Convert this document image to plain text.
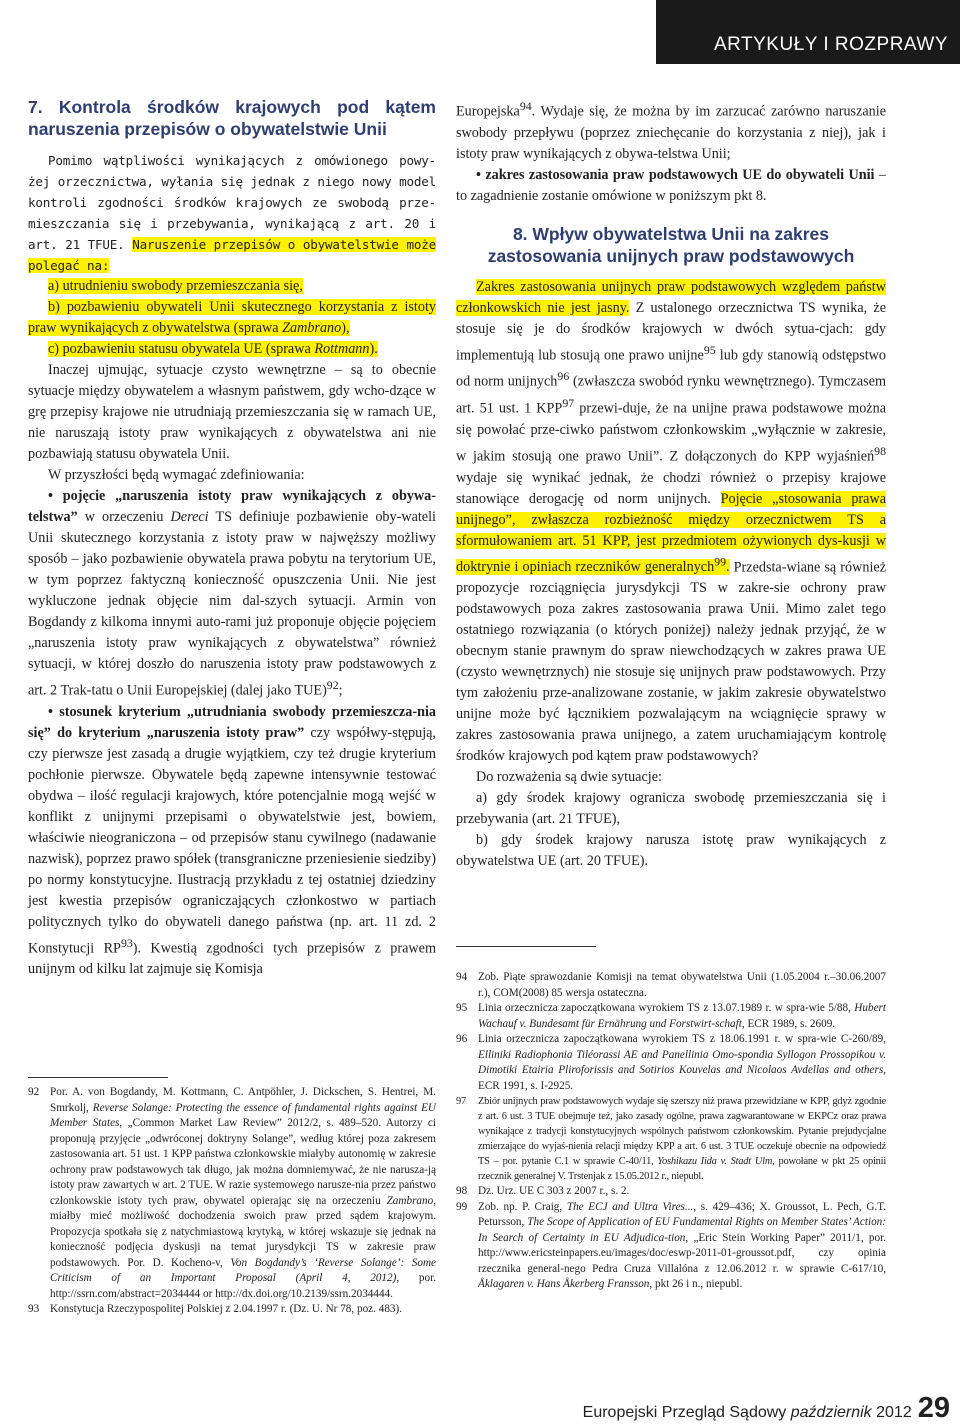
ARTYKUŁY I ROZPRAWY
7. Kontrola środków krajowych pod kątem naruszenia przepisów o obywatelstwie Unii

Pomimo wątpliwości wynikających z omówionego powy-żej orzecznictwa, wyłania się jednak z niego nowy model kontroli zgodności środków krajowych ze swobodą prze-mieszczania się i przebywania, wynikającą z art. 20 i art. 21 TFUE. Naruszenie przepisów o obywatelstwie może polegać na:

a) utrudnieniu swobody przemieszczania się,

b) pozbawieniu obywateli Unii skutecznego korzystania z istoty praw wynikających z obywatelstwa (sprawa Zambrano),

c) pozbawieniu statusu obywatela UE (sprawa Rottmann).

Inaczej ujmując, sytuacje czysto wewnętrzne – są to obecnie sytuacje między obywatelem a własnym państwem, gdy wcho-dzące w grę przepisy krajowe nie utrudniają przemieszczania się w ramach UE, nie naruszają istoty praw wynikających z obywatelstwa ani nie pozbawiają statusu obywatela Unii.

W przyszłości będą wymagać zdefiniowania:

• pojęcie „naruszenia istoty praw wynikających z obywa-telstwa” w orzeczeniu Dereci TS definiuje pozbawienie oby-wateli Unii skutecznego korzystania z istoty praw w najwęższy możliwy sposób – jako pozbawienie obywatela prawa pobytu na terytorium UE, w tym poprzez faktyczną konieczność opuszczenia Unii. Nie jest wykluczone jednak objęcie nim dal-szych sytuacji. Armin von Bogdandy z kilkoma innymi auto-rami już proponuje objęcie pojęciem „naruszenia istoty praw wynikających z obywatelstwa” również sytuacji, w której doszło do naruszenia istoty praw podstawowych z art. 2 Trak-tatu o Unii Europejskiej (dalej jako TUE)$^{92}$;

• stosunek kryterium „utrudniania swobody przemieszcza-nia się” do kryterium „naruszenia istoty praw” czy współwy-stępują, czy pierwsze jest zasadą a drugie wyjątkiem, czy też drugie kryterium pochłonie pierwsze. Obywatele będą zapewne intensywnie testować obydwa – ilość regulacji krajowych, które potencjalnie mogą wejść w konflikt z unijnymi przepisami o obywatelstwie jest, bowiem, właściwie nieograniczona – od przepisów stanu cywilnego (nadawanie nazwisk), poprzez prawo spółek (transgraniczne przeniesienie siedziby) po normy konstytucyjne. Ilustracją przykładu z tej ostatniej dziedziny jest kwestia przepisów ograniczających członkostwo w partiach politycznych tylko do obywateli danego państwa (np. art. 11 zd. 2 Konstytucji RP$^{93}$). Kwestią zgodności tych przepisów z prawem unijnym od kilku lat zajmuje się Komisja

Europejska$^{94}$. Wydaje się, że można by im zarzucać zarówno naruszanie swobody przepływu (poprzez zniechęcanie do korzystania z niej), jak i istoty praw wynikających z obywa-telstwa Unii;

• zakres zastosowania praw podstawowych UE do obywateli Unii – to zagadnienie zostanie omówione w poniższym pkt 8.

8. Wpływ obywatelstwa Unii na zakres zastosowania unijnych praw podstawowych

Zakres zastosowania unijnych praw podstawowych względem państw członkowskich nie jest jasny. Z ustalonego orzecznictwa TS wynika, że stosuje się je do środków krajowych w dwóch sytua-cjach: gdy implementują lub stosują one prawo unijne$^{95}$ lub gdy stanowią odstępstwo od norm unijnych$^{96}$ (zwłaszcza swobód rynku wewnętrznego). Tymczasem art. 51 ust. 1 KPP$^{97}$ przewi-duje, że na unijne prawa podstawowe można się powołać prze-ciwko państwom członkowskim „wyłącznie w zakresie, w jakim stosują one prawo Unii”. Z dołączonych do KPP wyjaśnień$^{98}$ wydaje się wynikać jednak, że chodzi również o przepisy krajowe stanowiące derogację od norm unijnych. Pojęcie „stosowania prawa unijnego”, zwłaszcza rozbieżność między orzecznictwem TS a sformułowaniem art. 51 KPP, jest przedmiotem ożywionych dys-kusji w doktrynie i opiniach rzeczników generalnych$^{99}$. Przedsta-wiane są również propozycje rozciągnięcia jurysdykcji TS w zakre-sie ochrony praw podstawowych poza zakres zastosowania prawa Unii. Mimo zalet tego ostatniego rozwiązania (o których poniżej) należy jednak przyjąć, że w obecnym stanie prawnym do spraw niewchodzących w zakres prawa UE (czysto wewnętrznych) nie stosuje się unijnych praw podstawowych. Przy tym założeniu prze-analizowane zostanie, w jakim zakresie obywatelstwo unijne może być łącznikiem pozwalającym na wciągnięcie sprawy w zakres zastosowania prawa unijnego, a zatem uruchamiającym kontrolę środków krajowych pod kątem praw podstawowych?

Do rozważenia są dwie sytuacje:

a) gdy środek krajowy ogranicza swobodę przemieszczania się i przebywania (art. 21 TFUE),

b) gdy środek krajowy narusza istotę praw wynikających z obywatelstwa UE (art. 20 TFUE).

92 Por. A. von Bogdandy, M. Kottmann, C. Antpöhler, J. Dickschen, S. Hentrei, M. Smrkolj, Reverse Solange: Protecting the essence of fundamental rights against EU Member States, „Common Market Law Review” 2012/2, s. 489–520. Autorzy ci proponują przyjęcie „odwróconej doktryny Solange”, według której poza zakresem zastosowania art. 51 ust. 1 KPP państwa członkowskie miałyby autonomię w zakresie ochrony praw podstawowych tak długo, jak można domniemywać, że nie narusza-ją istoty praw zawartych w art. 2 TUE. W razie systemowego narusze-nia przez państwo członkowskie istoty tych praw, obywatel opierając się na orzeczeniu Zambrano, miałby mieć możliwość dochodzenia swoich praw przed sądem krajowym. Propozycja spotkała się z natychmiastową krytyką, w której wskazuje się jednak na konieczność podjęcia dyskusji na temat jurysdykcji TS w zakresie praw podstawowych. Por. D. Kocheno-v, Von Bogdandy’s ‘Reverse Solange’: Some Criticism of an Important Proposal (April 4, 2012), por. http://ssrn.com/abstract=2034444 or http://dx.doi.org/10.2139/ssrn.2034444.
93 Konstytucja Rzeczypospolitej Polskiej z 2.04.1997 r. (Dz. U. Nr 78, poz. 483).
94 Zob. Piąte sprawozdanie Komisji na temat obywatelstwa Unii (1.05.2004 r.–30.06.2007 r.), COM(2008) 85 wersja ostateczna.
95 Linia orzecznicza zapoczątkowana wyrokiem TS z 13.07.1989 r. w spra-wie 5/88, Hubert Wachauf v. Bundesamt für Ernährung und Forstwirt-schaft, ECR 1989, s. 2609.
96 Linia orzecznicza zapoczątkowana wyrokiem TS z 18.06.1991 r. w spra-wie C-260/89, Elliniki Radiophonia Tiléorassi AE and Panellinia Omo-spondia Syllogon Prossopikou v. Dimotiki Etairia Pliroforissis and Sotirios Kouvelas and Nicolaos Avdellas and others, ECR 1991, s. I-2925.
97	Zbiór unijnych praw podstawowych wydaje się szerszy niż prawa przewidziane w KPP, gdyż zgodnie z art. 6 ust. 3 TUE obejmuje też, jako zasady ogólne, prawa zagwarantowane w EKPCz oraz prawa wynikające z tradycji konstytucyjnych wspólnych państwom członkowskim. Pytanie prejudycjalne zmierzające do wyjaś-nienia relacji między KPP a art. 6 ust. 3 TUE oczekuje obecnie na odpowiedź TS – por. pytanie C.1 w sprawie C-40/11, Yoshikazu Iida v. Stadt Ulm, powołane w pkt 25 opinii rzecznik generalnej V. Trstenjak z 15.05.2012 r., niepubl.
98 Dz. Urz. UE C 303 z 2007 r., s. 2.
99 Zob. np. P. Craig, The ECJ and Ultra Vires..., s. 429–436; X. Groussot, L. Pech, G.T. Petursson, The Scope of Application of EU Fundamental Rights on Member States’ Action: In Search of Certainty in EU Adjudica-tion, „Eric Stein Working Paper” 2011/1, por. http://www.ericsteinpapers.eu/images/doc/eswp-2011-01-groussot.pdf, czy opinia rzecznika general-nego Pedra Cruza Villalóna z 12.06.2012 r. w sprawie C-617/10, Åklagaren v. Hans Åkerberg Fransson, pkt 26 i n., niepubl.
Europejski Przegląd Sądowy październik 2012 29
